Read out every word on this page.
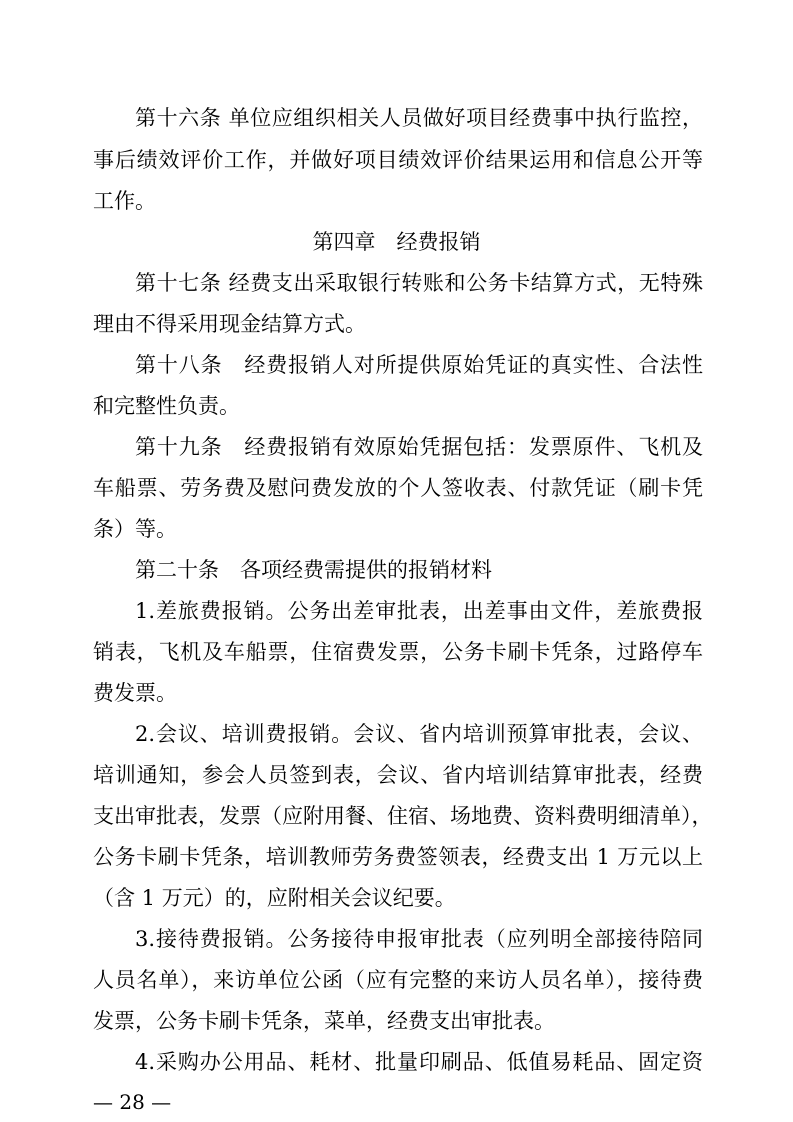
第十六条 单位应组织相关人员做好项目经费事中执行监控，
事后绩效评价工作，并做好项目绩效评价结果运用和信息公开等
工作。
第四章　经费报销
第十七条 经费支出采取银行转账和公务卡结算方式，无特殊
理由不得采用现金结算方式。
第十八条　经费报销人对所提供原始凭证的真实性、合法性
和完整性负责。
第十九条　经费报销有效原始凭据包括：发票原件、飞机及
车船票、劳务费及慰问费发放的个人签收表、付款凭证（刷卡凭
条）等。
第二十条　各项经费需提供的报销材料
1.差旅费报销。公务出差审批表，出差事由文件，差旅费报
销表，飞机及车船票，住宿费发票，公务卡刷卡凭条，过路停车
费发票。
2.会议、培训费报销。会议、省内培训预算审批表，会议、
培训通知，参会人员签到表，会议、省内培训结算审批表，经费
支出审批表，发票（应附用餐、住宿、场地费、资料费明细清单），
公务卡刷卡凭条，培训教师劳务费签领表，经费支出 1 万元以上
（含 1 万元）的，应附相关会议纪要。
3.接待费报销。公务接待申报审批表（应列明全部接待陪同
人员名单），来访单位公函（应有完整的来访人员名单），接待费
发票，公务卡刷卡凭条，菜单，经费支出审批表。
4.采购办公用品、耗材、批量印刷品、低值易耗品、固定资
— 28 —
